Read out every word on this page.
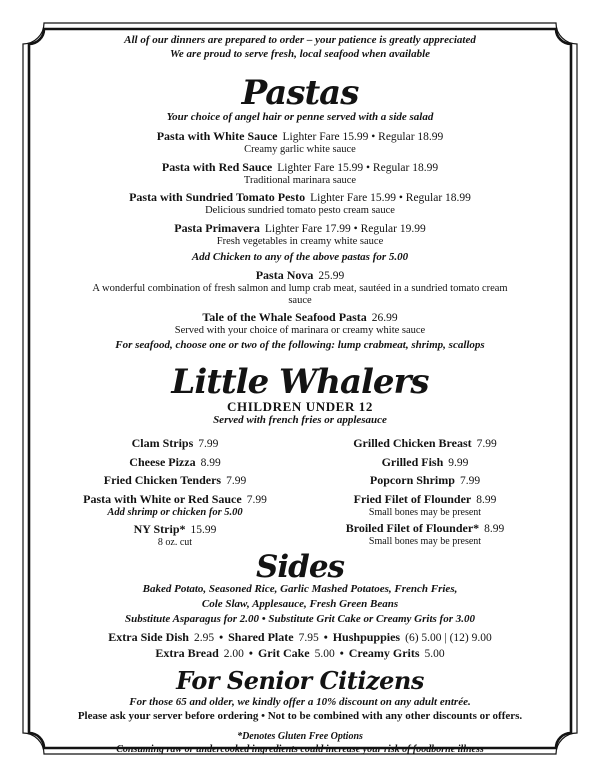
All of our dinners are prepared to order – your patience is greatly appreciated

We are proud to serve fresh, local seafood when available

Pastas

Your choice of angel hair or penne served with a side salad

Pasta with White Sauce Lighter Fare 15.99 • Regular 18.99

Creamy garlic white sauce

Pasta with Red Sauce Lighter Fare 15.99 • Regular 18.99

Traditional marinara sauce

Pasta with Sundried Tomato Pesto Lighter Fare 15.99 • Regular 18.99

Delicious sundried tomato pesto cream sauce

Pasta Primavera Lighter Fare 17.99 • Regular 19.99

Fresh vegetables in creamy white sauce

Add Chicken to any of the above pastas for 5.00

Pasta Nova 25.99

A wonderful combination of fresh salmon and lump crab meat, sautéed in a sundried tomato cream sauce

Tale of the Whale Seafood Pasta 26.99

Served with your choice of marinara or creamy white sauce

For seafood, choose one or two of the following: lump crabmeat, shrimp, scallops

Little Whalers

CHILDREN UNDER 12

Served with french fries or applesauce

Clam Strips 7.99

Cheese Pizza 8.99

Fried Chicken Tenders 7.99

Pasta with White or Red Sauce 7.99

Add shrimp or chicken for 5.00

NY Strip* 15.99

8 oz. cut

Grilled Chicken Breast 7.99

Grilled Fish 9.99

Popcorn Shrimp 7.99

Fried Filet of Flounder 8.99

Small bones may be present

Broiled Filet of Flounder* 8.99

Small bones may be present

Sides

Baked Potato, Seasoned Rice, Garlic Mashed Potatoes, French Fries,

Cole Slaw, Applesauce, Fresh Green Beans

Substitute Asparagus for 2.00 • Substitute Grit Cake or Creamy Grits for 3.00

Extra Side Dish 2.95 • Shared Plate 7.95 • Hushpuppies (6) 5.00 | (12) 9.00

Extra Bread 2.00 • Grit Cake 5.00 • Creamy Grits 5.00

For Senior Citizens

For those 65 and older, we kindly offer a 10% discount on any adult entrée.

Please ask your server before ordering • Not to be combined with any other discounts or offers.

*Denotes Gluten Free Options

Consuming raw or undercooked ingredients could increase your risk of foodborne illness
